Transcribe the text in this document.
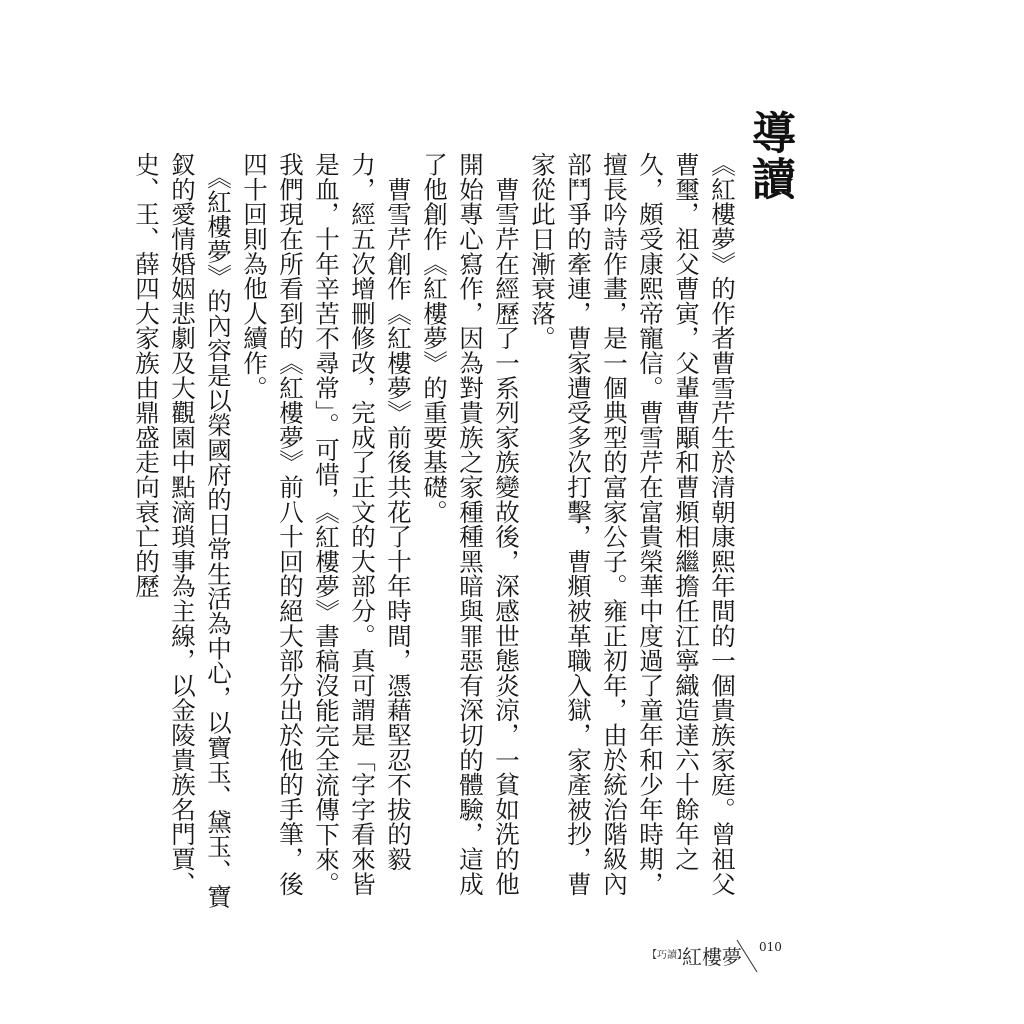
導讀

《紅樓夢》的作者曹雪芹生於清朝康熙年間的一個貴族家庭。曾祖父曹璽，祖父曹寅，父輩曹顒和曹頫相繼擔任江寧織造達六十餘年之久，頗受康熙帝寵信。曹雪芹在富貴榮華中度過了童年和少年時期，擅長吟詩作畫，是一個典型的富家公子。雍正初年，由於統治階級內部鬥爭的牽連，曹家遭受多次打擊，曹頫被革職入獄，家產被抄，曹家從此日漸衰落。

　曹雪芹在經歷了一系列家族變故後，深感世態炎涼，一貧如洗的他開始專心寫作，因為對貴族之家種種黑暗與罪惡有深切的體驗，這成了他創作《紅樓夢》的重要基礎。

　曹雪芹創作《紅樓夢》前後共花了十年時間，憑藉堅忍不拔的毅力，經五次增刪修改，完成了正文的大部分。真可謂是「字字看來皆是血，十年辛苦不尋常」。可惜，《紅樓夢》書稿沒能完全流傳下來。我們現在所看到的《紅樓夢》前八十回的絕大部分出於他的手筆，後四十回則為他人續作。

　《紅樓夢》的內容是以榮國府的日常生活為中心，以寶玉、黛玉、寶釵的愛情婚姻悲劇及大觀園中點滴瑣事為主線，以金陵貴族名門賈、史、王、薛四大家族由鼎盛走向衰亡的歷

【巧讀】
紅樓夢 010
